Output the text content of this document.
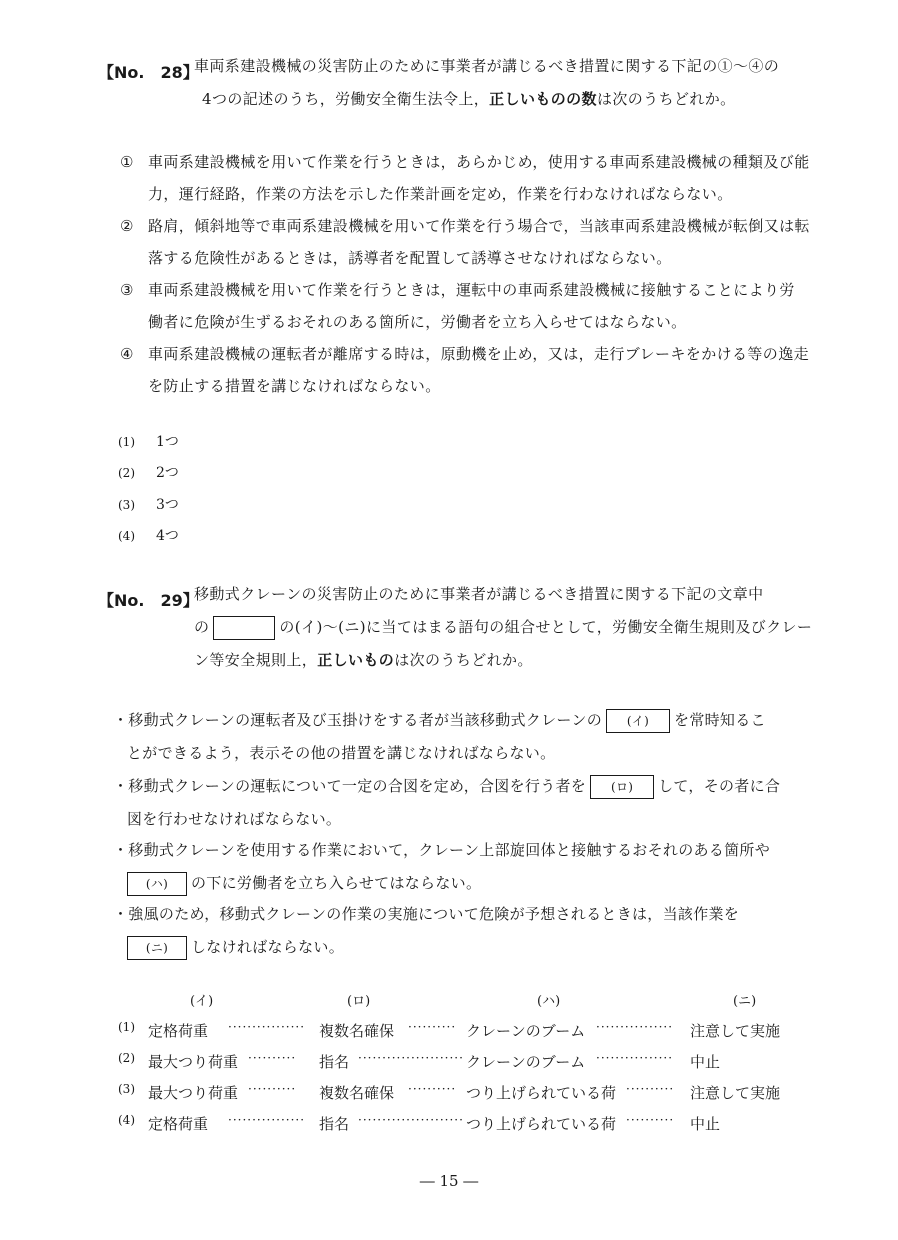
【No.　28】
車両系建設機械の災害防止のために事業者が講じるべき措置に関する下記の①～④の
4つの記述のうち，労働安全衛生法令上，正しいものの数は次のうちどれか。
① 車両系建設機械を用いて作業を行うときは，あらかじめ，使用する車両系建設機械の種類及び能力，運行経路，作業の方法を示した作業計画を定め，作業を行わなければならない。
② 路肩，傾斜地等で車両系建設機械を用いて作業を行う場合で，当該車両系建設機械が転倒又は転落する危険性があるときは，誘導者を配置して誘導させなければならない。
③ 車両系建設機械を用いて作業を行うときは，運転中の車両系建設機械に接触することにより労働者に危険が生ずるおそれのある箇所に，労働者を立ち入らせてはならない。
④ 車両系建設機械の運転者が離席する時は，原動機を止め，又は，走行ブレーキをかける等の逸走を防止する措置を講じなければならない。
(1) 1つ
(2) 2つ
(3) 3つ
(4) 4つ
【No.　29】
移動式クレーンの災害防止のために事業者が講じるべき措置に関する下記の文章中
の	の(イ)～(ニ)に当てはまる語句の組合せとして，労働安全衛生規則及びクレー
ン等安全規則上，正しいものは次のうちどれか。
・移動式クレーンの運転者及び玉掛けをする者が当該移動式クレーンの (イ) を常時知るこ
とができるよう，表示その他の措置を講じなければならない。
・移動式クレーンの運転について一定の合図を定め，合図を行う者を (ロ) して，その者に合
図を行わせなければならない。
・移動式クレーンを使用する作業において，クレーン上部旋回体と接触するおそれのある箇所や
(ハ) の下に労働者を立ち入らせてはならない。
・強風のため，移動式クレーンの作業の実施について危険が予想されるときは，当該作業を
(ニ) しなければならない。
(イ)	(ロ)	(ハ)	(ニ)
(1) 定格荷重 ················ 複数名確保 ·········· クレーンのブーム ················ 注意して実施
(2) 最大つり荷重 ·········· 指名 ······················ クレーンのブーム ················ 中止
(3) 最大つり荷重 ·········· 複数名確保 ·········· つり上げられている荷 ·········· 注意して実施
(4) 定格荷重 ················ 指名 ······················ つり上げられている荷 ·········· 中止
― 15 ―
